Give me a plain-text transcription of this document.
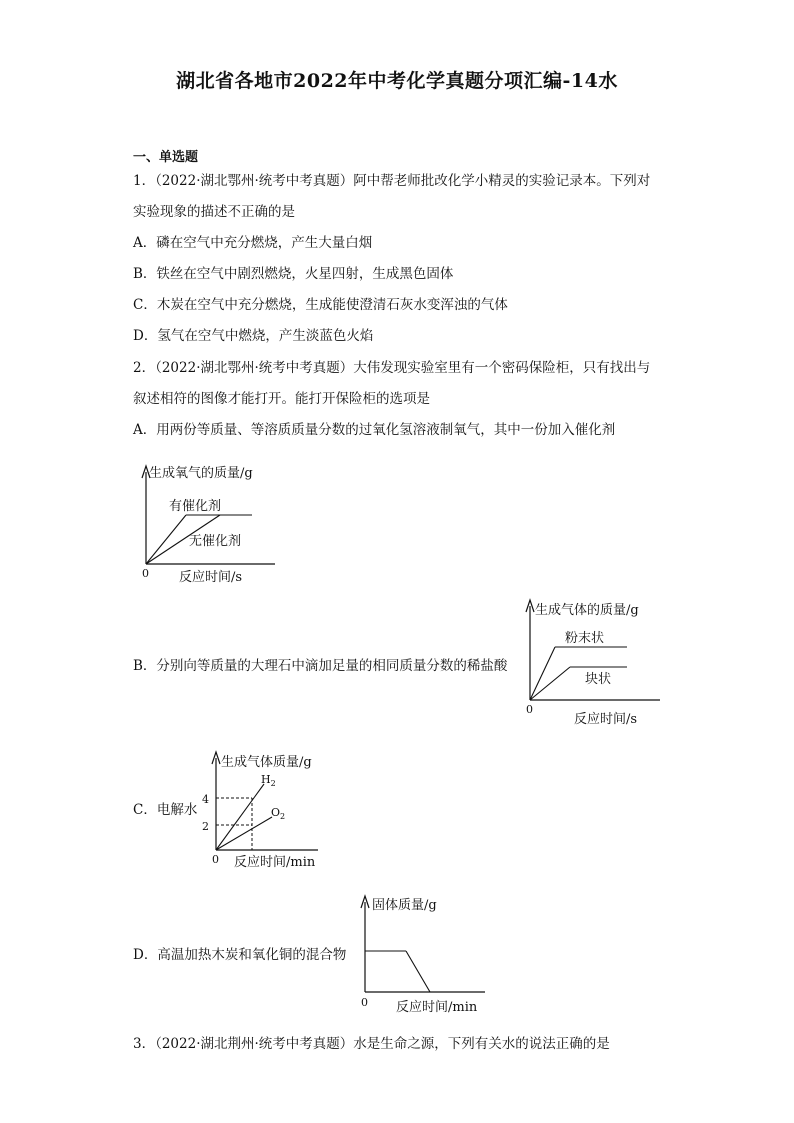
湖北省各地市2022年中考化学真题分项汇编-14水
一、单选题
1．（2022·湖北鄂州·统考中考真题）阿中帮老师批改化学小精灵的实验记录本。下列对
实验现象的描述不正确的是
A．磷在空气中充分燃烧，产生大量白烟
B．铁丝在空气中剧烈燃烧，火星四射，生成黑色固体
C．木炭在空气中充分燃烧，生成能使澄清石灰水变浑浊的气体
D．氢气在空气中燃烧，产生淡蓝色火焰
2．（2022·湖北鄂州·统考中考真题）大伟发现实验室里有一个密码保险柜，只有找出与
叙述相符的图像才能打开。能打开保险柜的选项是
A．用两份等质量、等溶质质量分数的过氧化氢溶液制氧气，其中一份加入催化剂
生成氧气的质量/g
有催化剂
无催化剂
0 反应时间/s
B．分别向等质量的大理石中滴加足量的相同质量分数的稀盐酸
生成气体的质量/g
粉末状
块状
0
反应时间/s
C．电解水
生成气体质量/g
4
2
$H_2$
$O_2$
0 反应时间/min
D．高温加热木炭和氧化铜的混合物
固体质量/g
0 反应时间/min
3．（2022·湖北荆州·统考中考真题）水是生命之源，下列有关水的说法正确的是
